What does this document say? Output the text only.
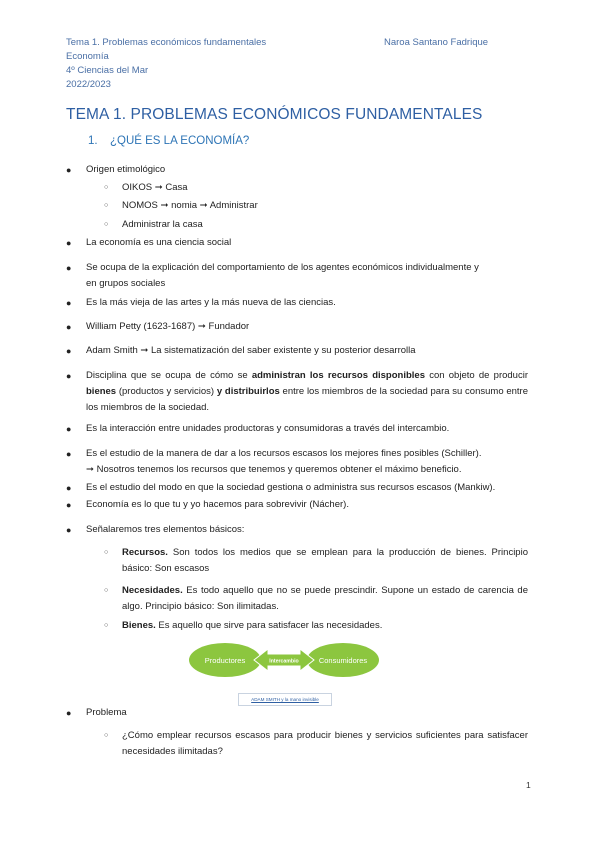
Tema 1. Problemas económicos fundamentales
Economía
4º Ciencias del Mar
2022/2023
Naroa Santano Fadrique
TEMA 1. PROBLEMAS ECONÓMICOS FUNDAMENTALES
1. ¿QUÉ ES LA ECONOMÍA?
● Origen etimológico
○ OIKOS ➞ Casa
○ NOMOS ➞ nomia ➞ Administrar
○ Administrar la casa
● La economía es una ciencia social
● Se ocupa de la explicación del comportamiento de los agentes económicos individualmente y
en grupos sociales
● Es la más vieja de las artes y la más nueva de las ciencias.
● William Petty (1623-1687) ➞ Fundador
● Adam Smith ➞ La sistematización del saber existente y su posterior desarrolla
● Disciplina que se ocupa de cómo se administran los recursos disponibles con objeto de producir bienes (productos y servicios) y distribuirlos entre los miembros de la sociedad para su consumo entre los miembros de la sociedad.
● Es la interacción entre unidades productoras y consumidoras a través del intercambio.
● Es el estudio de la manera de dar a los recursos escasos los mejores fines posibles (Schiller).
➞ Nosotros tenemos los recursos que tenemos y queremos obtener el máximo beneficio.
● Es el estudio del modo en que la sociedad gestiona o administra sus recursos escasos (Mankiw).
● Economía es lo que tu y yo hacemos para sobrevivir (Nácher).
● Señalaremos tres elementos básicos:
○ Recursos. Son todos los medios que se emplean para la producción de bienes. Principio básico: Son escasos
○ Necesidades. Es todo aquello que no se puede prescindir. Supone un estado de carencia de algo. Principio básico: Son ilimitadas.
○ Bienes. Es aquello que sirve para satisfacer las necesidades.
Productores	Intercambio	Consumidores
ADAM SMITH y la mano invisible
● Problema
○ ¿Cómo emplear recursos escasos para producir bienes y servicios suficientes para satisfacer necesidades ilimitadas?
1
